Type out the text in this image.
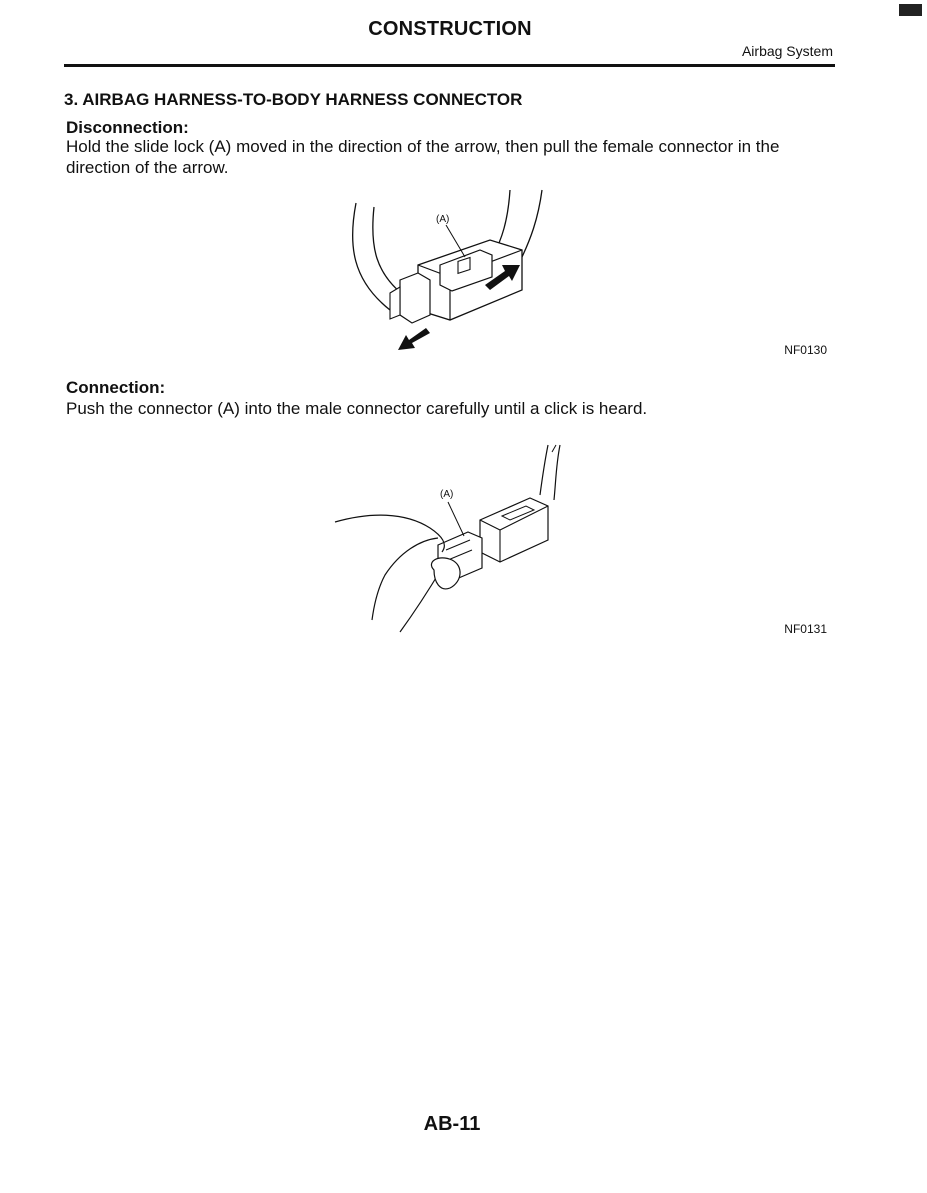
CONSTRUCTION
Airbag System
3. AIRBAG HARNESS-TO-BODY HARNESS CONNECTOR
Disconnection:
Hold the slide lock (A) moved in the direction of the arrow, then pull the female connector in the direction of the arrow.
(A)
NF0130
Connection:
Push the connector (A) into the male connector carefully until a click is heard.
(A)
NF0131
AB-11
